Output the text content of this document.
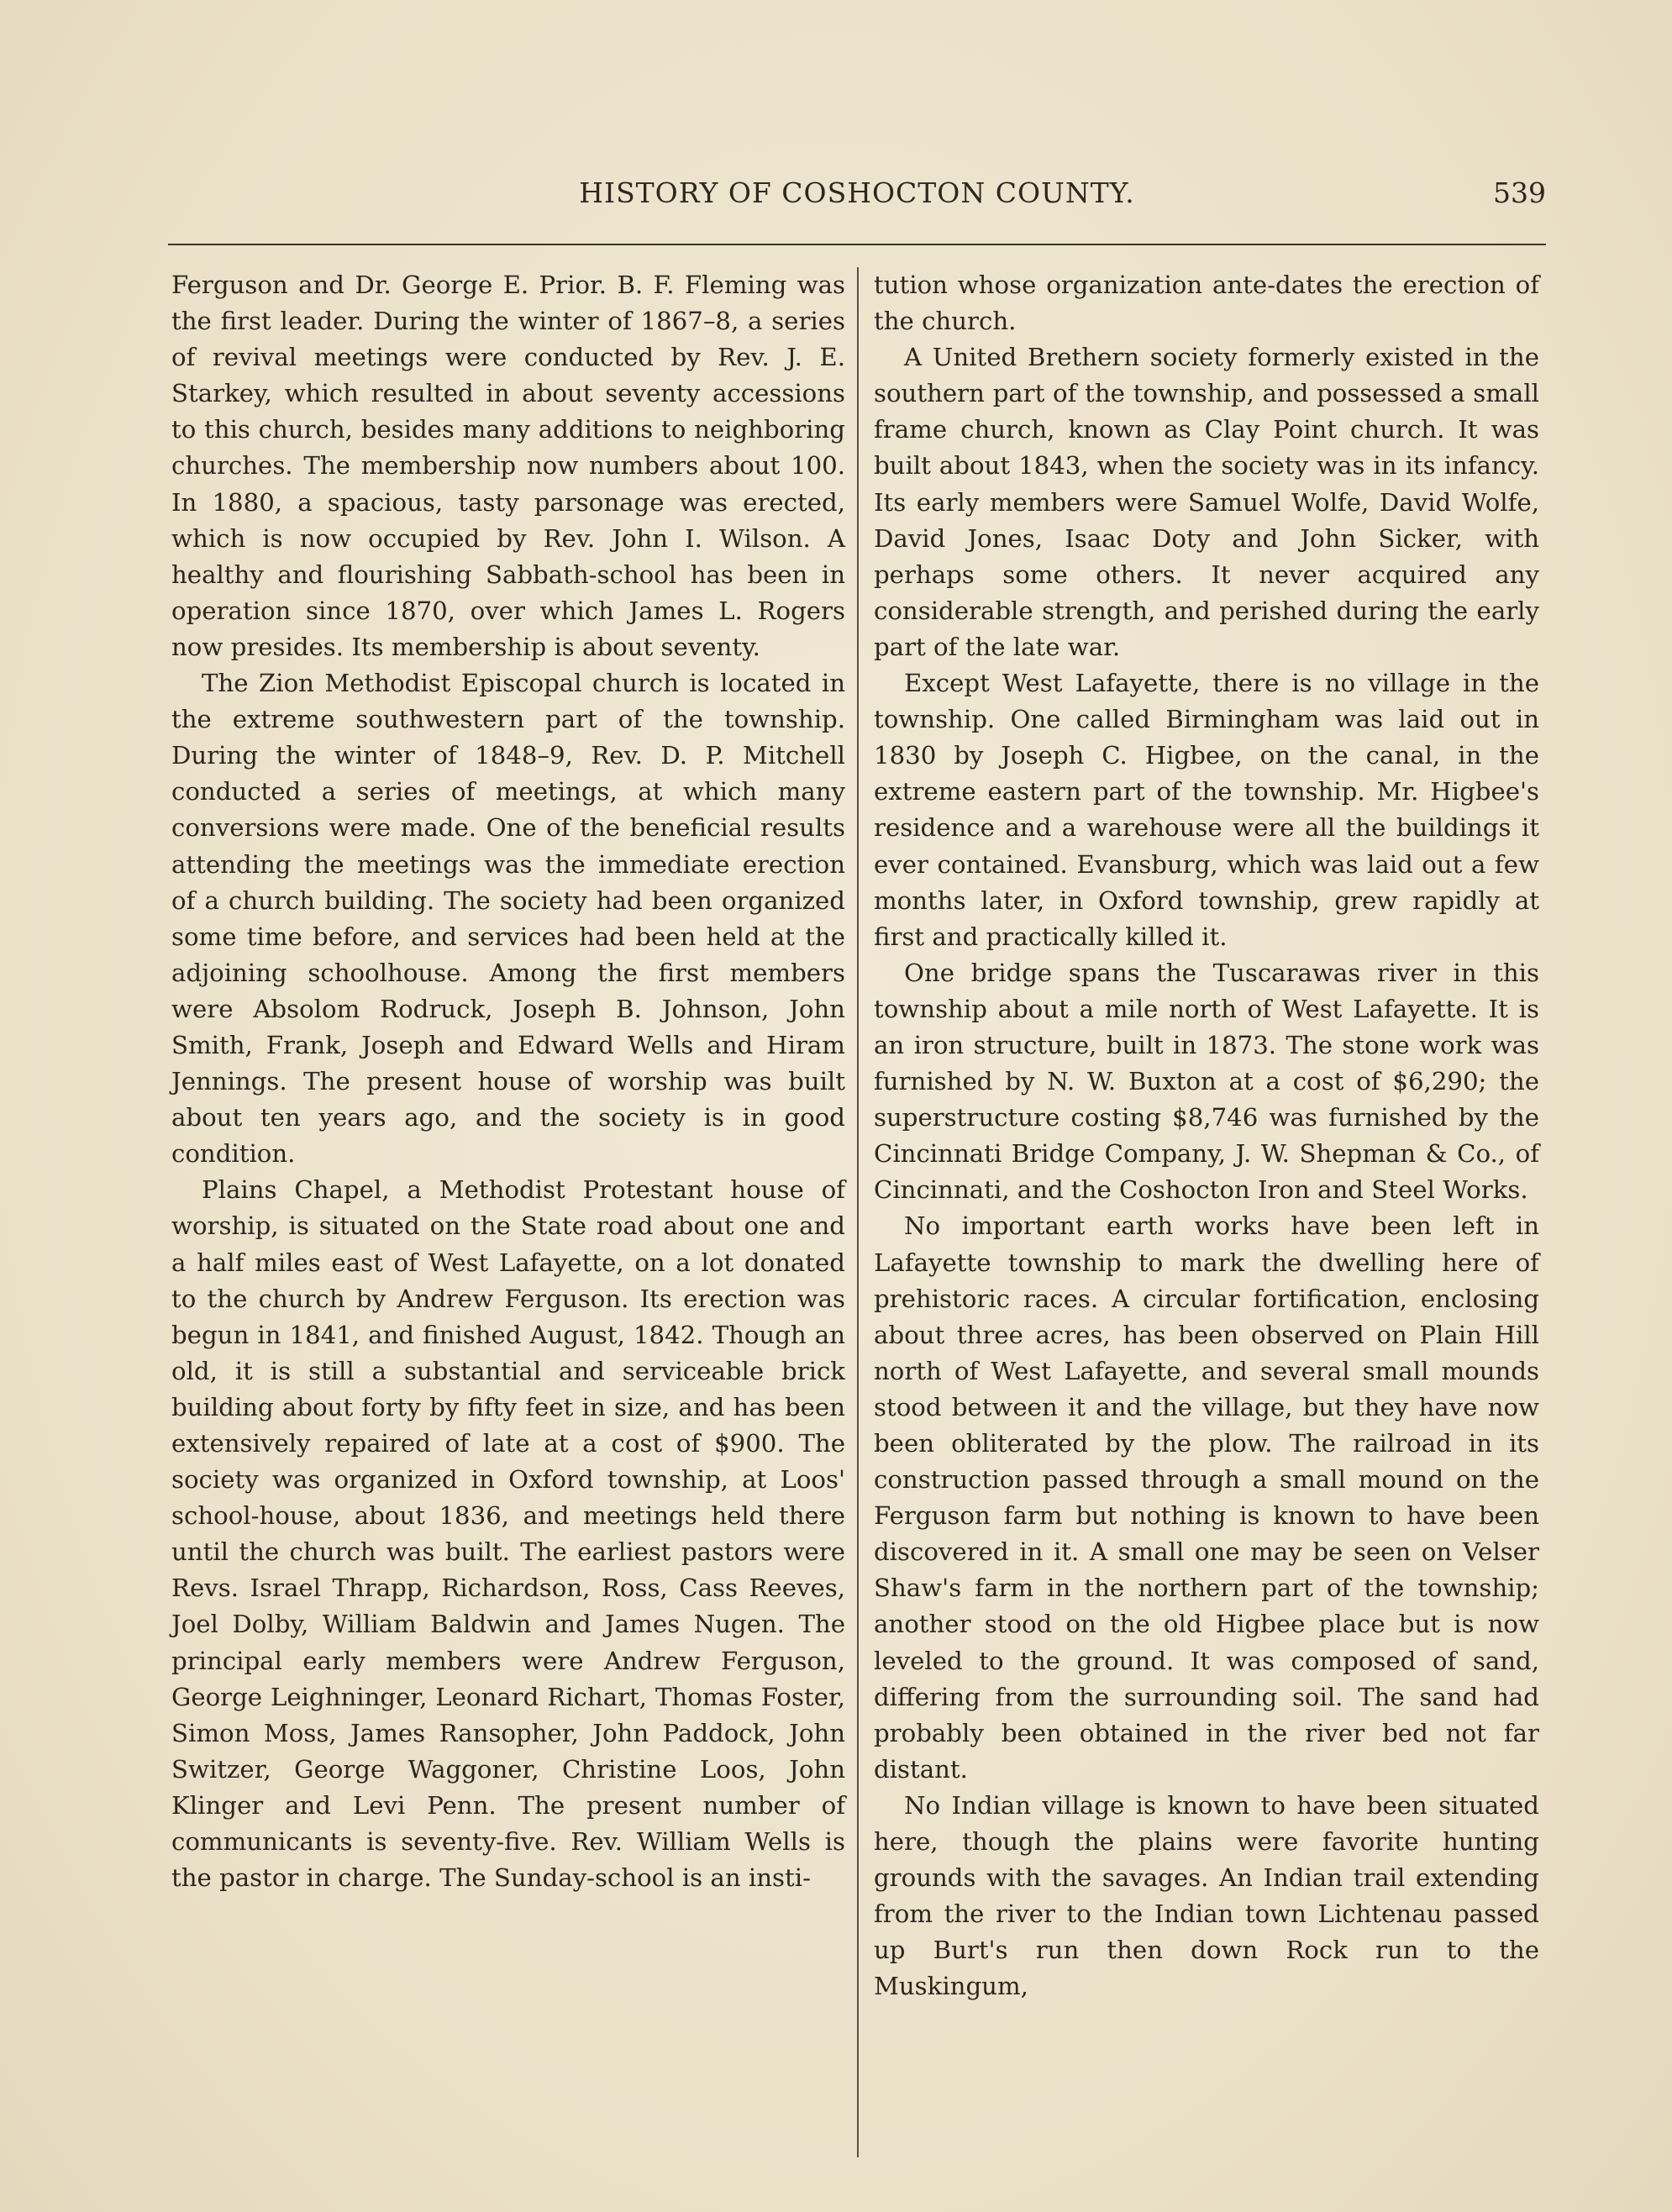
HISTORY OF COSHOCTON COUNTY.	539

Ferguson and Dr. George E. Prior. B. F. Fleming was the first leader. During the winter of 1867–8, a series of revival meetings were conducted by Rev. J. E. Starkey, which resulted in about seventy accessions to this church, besides many additions to neighboring churches. The membership now numbers about 100. In 1880, a spacious, tasty parsonage was erected, which is now occupied by Rev. John I. Wilson. A healthy and flourishing Sabbath-school has been in operation since 1870, over which James L. Rogers now presides. Its membership is about seventy.

The Zion Methodist Episcopal church is located in the extreme southwestern part of the township. During the winter of 1848–9, Rev. D. P. Mitchell conducted a series of meetings, at which many conversions were made. One of the beneficial results attending the meetings was the immediate erection of a church building. The society had been organized some time before, and services had been held at the adjoining schoolhouse. Among the first members were Absolom Rodruck, Joseph B. Johnson, John Smith, Frank, Joseph and Edward Wells and Hiram Jennings. The present house of worship was built about ten years ago, and the society is in good condition.

Plains Chapel, a Methodist Protestant house of worship, is situated on the State road about one and a half miles east of West Lafayette, on a lot donated to the church by Andrew Ferguson. Its erection was begun in 1841, and finished August, 1842. Though an old, it is still a substantial and serviceable brick building about forty by fifty feet in size, and has been extensively repaired of late at a cost of $900. The society was organized in Oxford township, at Loos' school-house, about 1836, and meetings held there until the church was built. The earliest pastors were Revs. Israel Thrapp, Richardson, Ross, Cass Reeves, Joel Dolby, William Baldwin and James Nugen. The principal early members were Andrew Ferguson, George Leighninger, Leonard Richart, Thomas Foster, Simon Moss, James Ransopher, John Paddock, John Switzer, George Waggoner, Christine Loos, John Klinger and Levi Penn. The present number of communicants is seventy-five. Rev. William Wells is the pastor in charge. The Sunday-school is an insti-

tution whose organization ante-dates the erection of the church.

A United Brethern society formerly existed in the southern part of the township, and possessed a small frame church, known as Clay Point church. It was built about 1843, when the society was in its infancy. Its early members were Samuel Wolfe, David Wolfe, David Jones, Isaac Doty and John Sicker, with perhaps some others. It never acquired any considerable strength, and perished during the early part of the late war.

Except West Lafayette, there is no village in the township. One called Birmingham was laid out in 1830 by Joseph C. Higbee, on the canal, in the extreme eastern part of the township. Mr. Higbee's residence and a warehouse were all the buildings it ever contained. Evansburg, which was laid out a few months later, in Oxford township, grew rapidly at first and practically killed it.

One bridge spans the Tuscarawas river in this township about a mile north of West Lafayette. It is an iron structure, built in 1873. The stone work was furnished by N. W. Buxton at a cost of $6,290; the superstructure costing $8,746 was furnished by the Cincinnati Bridge Company, J. W. Shepman & Co., of Cincinnati, and the Coshocton Iron and Steel Works.

No important earth works have been left in Lafayette township to mark the dwelling here of prehistoric races. A circular fortification, enclosing about three acres, has been observed on Plain Hill north of West Lafayette, and several small mounds stood between it and the village, but they have now been obliterated by the plow. The railroad in its construction passed through a small mound on the Ferguson farm but nothing is known to have been discovered in it. A small one may be seen on Velser Shaw's farm in the northern part of the township; another stood on the old Higbee place but is now leveled to the ground. It was composed of sand, differing from the surrounding soil. The sand had probably been obtained in the river bed not far distant.

No Indian village is known to have been situated here, though the plains were favorite hunting grounds with the savages. An Indian trail extending from the river to the Indian town Lichtenau passed up Burt's run then down Rock run to the Muskingum,
